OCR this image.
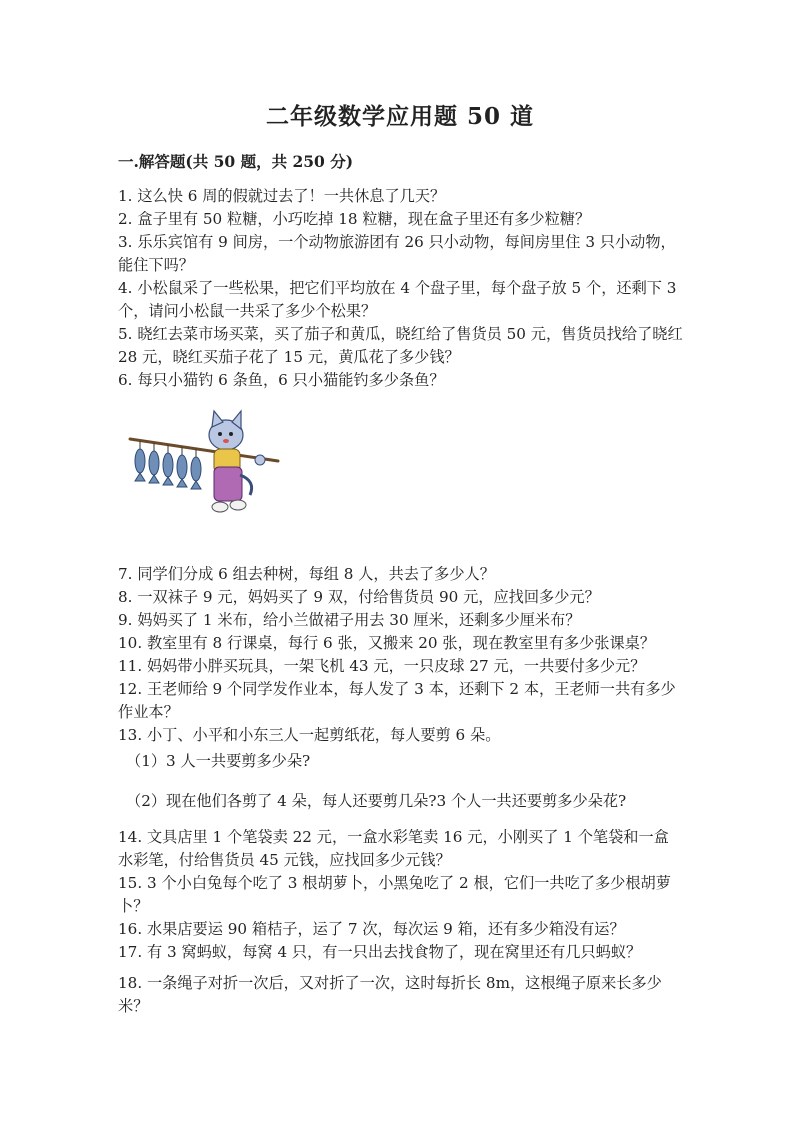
二年级数学应用题 50 道
一.解答题(共 50 题，共 250 分)

1. 这么快 6 周的假就过去了！一共休息了几天？

2. 盒子里有 50 粒糖，小巧吃掉 18 粒糖，现在盒子里还有多少粒糖？

3. 乐乐宾馆有 9 间房，一个动物旅游团有 26 只小动物，每间房里住 3 只小动物，能住下吗？

4. 小松鼠采了一些松果，把它们平均放在 4 个盘子里，每个盘子放 5 个，还剩下 3 个，请问小松鼠一共采了多少个松果？

5. 晓红去菜市场买菜，买了茄子和黄瓜，晓红给了售货员 50 元，售货员找给了晓红 28 元，晓红买茄子花了 15 元，黄瓜花了多少钱？

6. 每只小猫钓 6 条鱼，6 只小猫能钓多少条鱼？

7. 同学们分成 6 组去种树，每组 8 人，共去了多少人？

8. 一双袜子 9 元，妈妈买了 9 双，付给售货员 90 元，应找回多少元？

9. 妈妈买了 1 米布，给小兰做裙子用去 30 厘米，还剩多少厘米布？

10. 教室里有 8 行课桌，每行 6 张，又搬来 20 张，现在教室里有多少张课桌？

11. 妈妈带小胖买玩具，一架飞机 43 元，一只皮球 27 元，一共要付多少元？

12. 王老师给 9 个同学发作业本，每人发了 3 本，还剩下 2 本，王老师一共有多少作业本？

13. 小丁、小平和小东三人一起剪纸花，每人要剪 6 朵。

（1）3 人一共要剪多少朵?
（2）现在他们各剪了 4 朵，每人还要剪几朵?3 个人一共还要剪多少朵花?

14. 文具店里 1 个笔袋卖 22 元，一盒水彩笔卖 16 元，小刚买了 1 个笔袋和一盒水彩笔，付给售货员 45 元钱，应找回多少元钱？

15. 3 个小白兔每个吃了 3 根胡萝卜，小黑兔吃了 2 根，它们一共吃了多少根胡萝卜？

16. 水果店要运 90 箱桔子，运了 7 次，每次运 9 箱，还有多少箱没有运？

17. 有 3 窝蚂蚁，每窝 4 只，有一只出去找食物了，现在窝里还有几只蚂蚁？

18. 一条绳子对折一次后，又对折了一次，这时每折长 8m，这根绳子原来长多少米？
